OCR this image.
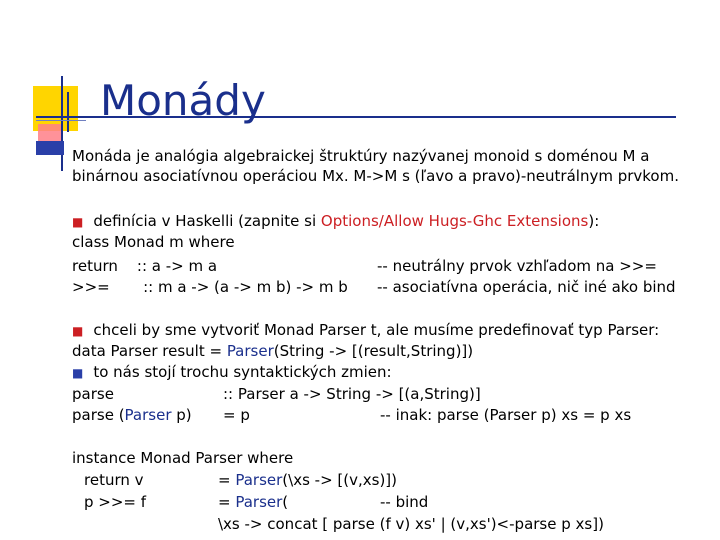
Monády
Monáda je analógia algebraickej štruktúry nazývanej monoid s doménou M a
binárnou asociatívnou operáciou Mx. M->M s (ľavo a pravo)-neutrálnym prvkom.
■ definícia v Haskelli (zapnite si Options/Allow Hugs-Ghc Extensions):
class Monad m where
return    :: a -> m a	-- neutrálny prvok vzhľadom na >>=
>>=       :: m a -> (a -> m b) -> m b -- asociatívna operácia, nič iné ako bind
■ chceli by sme vytvoriť Monad Parser t, ale musíme predefinovať typ Parser:
data Parser result = Parser(String -> [(result,String)])
■ to nás stojí trochu syntaktických zmien:
parse	:: Parser a -> String -> [(a,String)]
parse (Parser p) = p	-- inak: parse (Parser p) xs = p xs
instance Monad Parser where
return v	= Parser(\xs -> [(v,xs)])
p >>= f	= Parser(	-- bind
\xs -> concat [ parse (f v) xs' | (v,xs')<-parse p xs])
